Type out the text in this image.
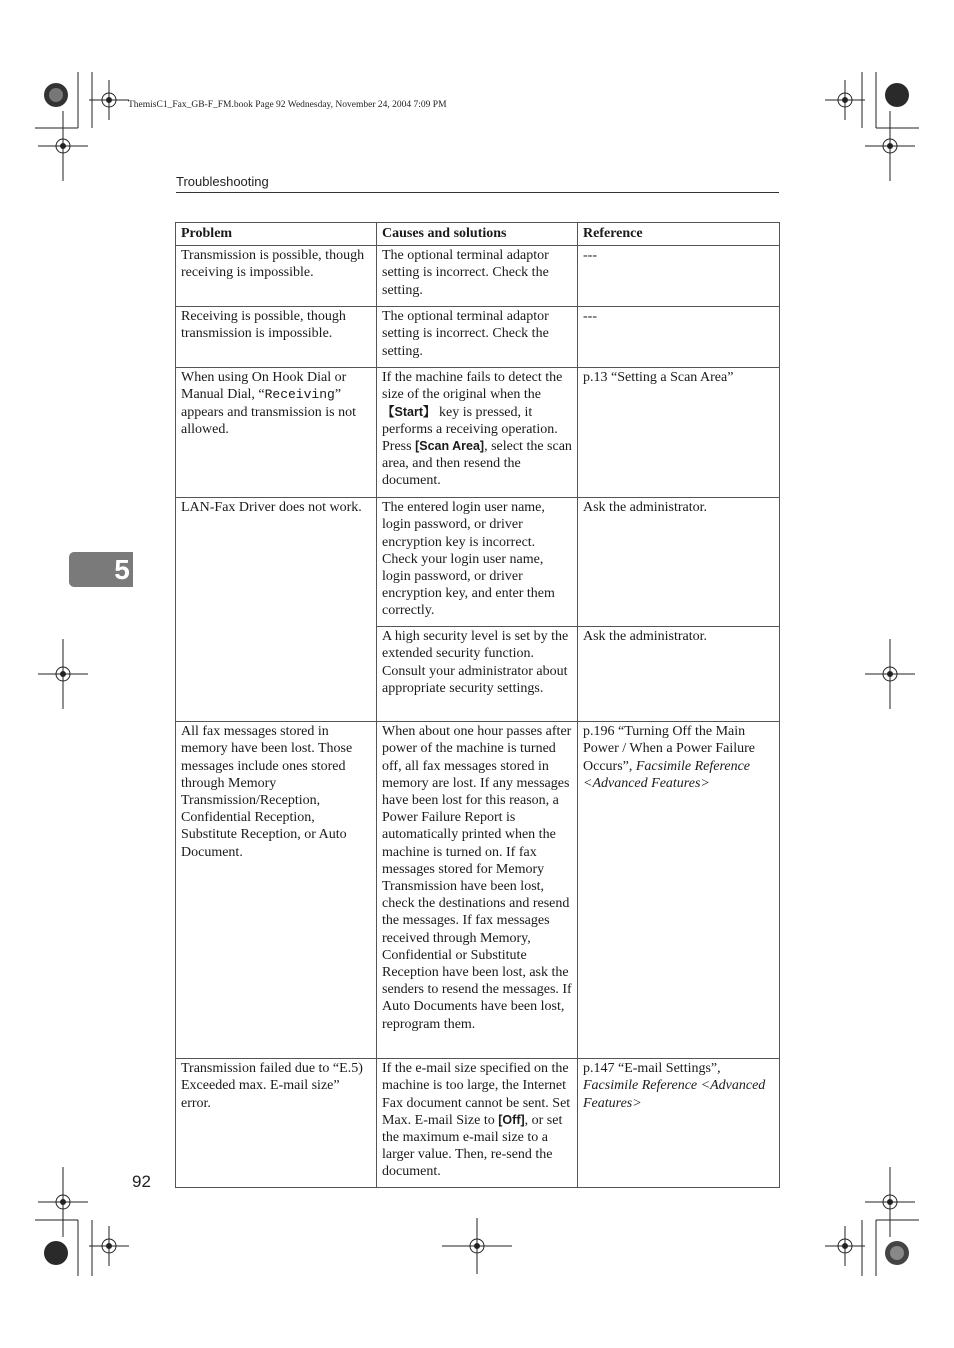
ThemisC1_Fax_GB-F_FM.book Page 92 Wednesday, November 24, 2004 7:09 PM
Troubleshooting
5
Problem	Causes and solutions	Reference
Transmission is possible, though receiving is impossible.	The optional terminal adaptor setting is incorrect. Check the setting.	---
Receiving is possible, though transmission is impossible.	The optional terminal adaptor setting is incorrect. Check the setting.	---
When using On Hook Dial or Manual Dial, “Receiving” appears and transmission is not allowed.	If the machine fails to detect the size of the original when the 【Start】 key is pressed, it performs a receiving operation. Press [Scan Area], select the scan area, and then resend the document.	p.13 “Setting a Scan Area”
LAN-Fax Driver does not work.	The entered login user name, login password, or driver encryption key is incorrect. Check your login user name, login password, or driver encryption key, and enter them correctly.	Ask the administrator.
	A high security level is set by the extended security function. Consult your administrator about appropriate security settings.	Ask the administrator.
All fax messages stored in memory have been lost. Those messages include ones stored through Memory Transmission/Reception, Confidential Reception, Substitute Reception, or Auto Document.	When about one hour passes after power of the machine is turned off, all fax messages stored in memory are lost. If any messages have been lost for this reason, a Power Failure Report is automatically printed when the machine is turned on. If fax messages stored for Memory Transmission have been lost, check the destinations and resend the messages. If fax messages received through Memory, Confidential or Substitute Reception have been lost, ask the senders to resend the messages. If Auto Documents have been lost, reprogram them.	p.196 “Turning Off the Main Power / When a Power Failure Occurs”, Facsimile Reference <Advanced Features>
Transmission failed due to “E.5) Exceeded max. E-mail size” error.	If the e-mail size specified on the machine is too large, the Internet Fax document cannot be sent. Set Max. E-mail Size to [Off], or set the maximum e-mail size to a larger value. Then, re-send the document.	p.147 “E-mail Settings”, Facsimile Reference <Advanced Features>
92
